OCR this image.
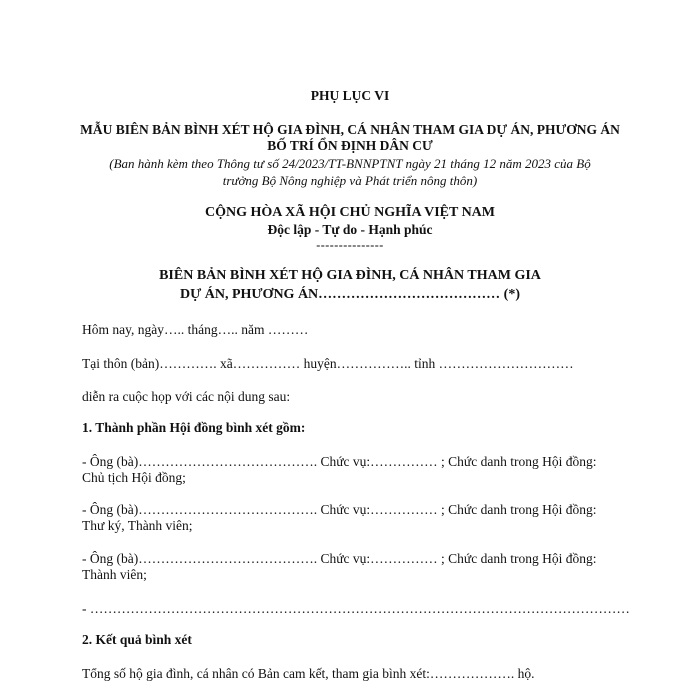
PHỤ LỤC VI
MẪU BIÊN BẢN BÌNH XÉT HỘ GIA ĐÌNH, CÁ NHÂN THAM GIA DỰ ÁN, PHƯƠNG ÁN
BỐ TRÍ ỔN ĐỊNH DÂN CƯ
(Ban hành kèm theo Thông tư số 24/2023/TT-BNNPTNT ngày 21 tháng 12 năm 2023 của Bộ
trưởng Bộ Nông nghiệp và Phát triển nông thôn)
CỘNG HÒA XÃ HỘI CHỦ NGHĨA VIỆT NAM
Độc lập - Tự do - Hạnh phúc
---------------
BIÊN BẢN BÌNH XÉT HỘ GIA ĐÌNH, CÁ NHÂN THAM GIA
DỰ ÁN, PHƯƠNG ÁN………………………………… (*)
Hôm nay, ngày….. tháng….. năm ………
Tại thôn (bản)…………. xã…………… huyện…………….. tỉnh …………………………
diễn ra cuộc họp với các nội dung sau:
1. Thành phần Hội đồng bình xét gồm:
- Ông (bà)…………………………………. Chức vụ:…………… ; Chức danh trong Hội đồng:
Chủ tịch Hội đồng;
- Ông (bà)…………………………………. Chức vụ:…………… ; Chức danh trong Hội đồng:
Thư ký, Thành viên;
- Ông (bà)…………………………………. Chức vụ:…………… ; Chức danh trong Hội đồng:
Thành viên;
- …………………………………………………………………………………………………………
2. Kết quả bình xét
Tổng số hộ gia đình, cá nhân có Bản cam kết, tham gia bình xét:………………. hộ.
